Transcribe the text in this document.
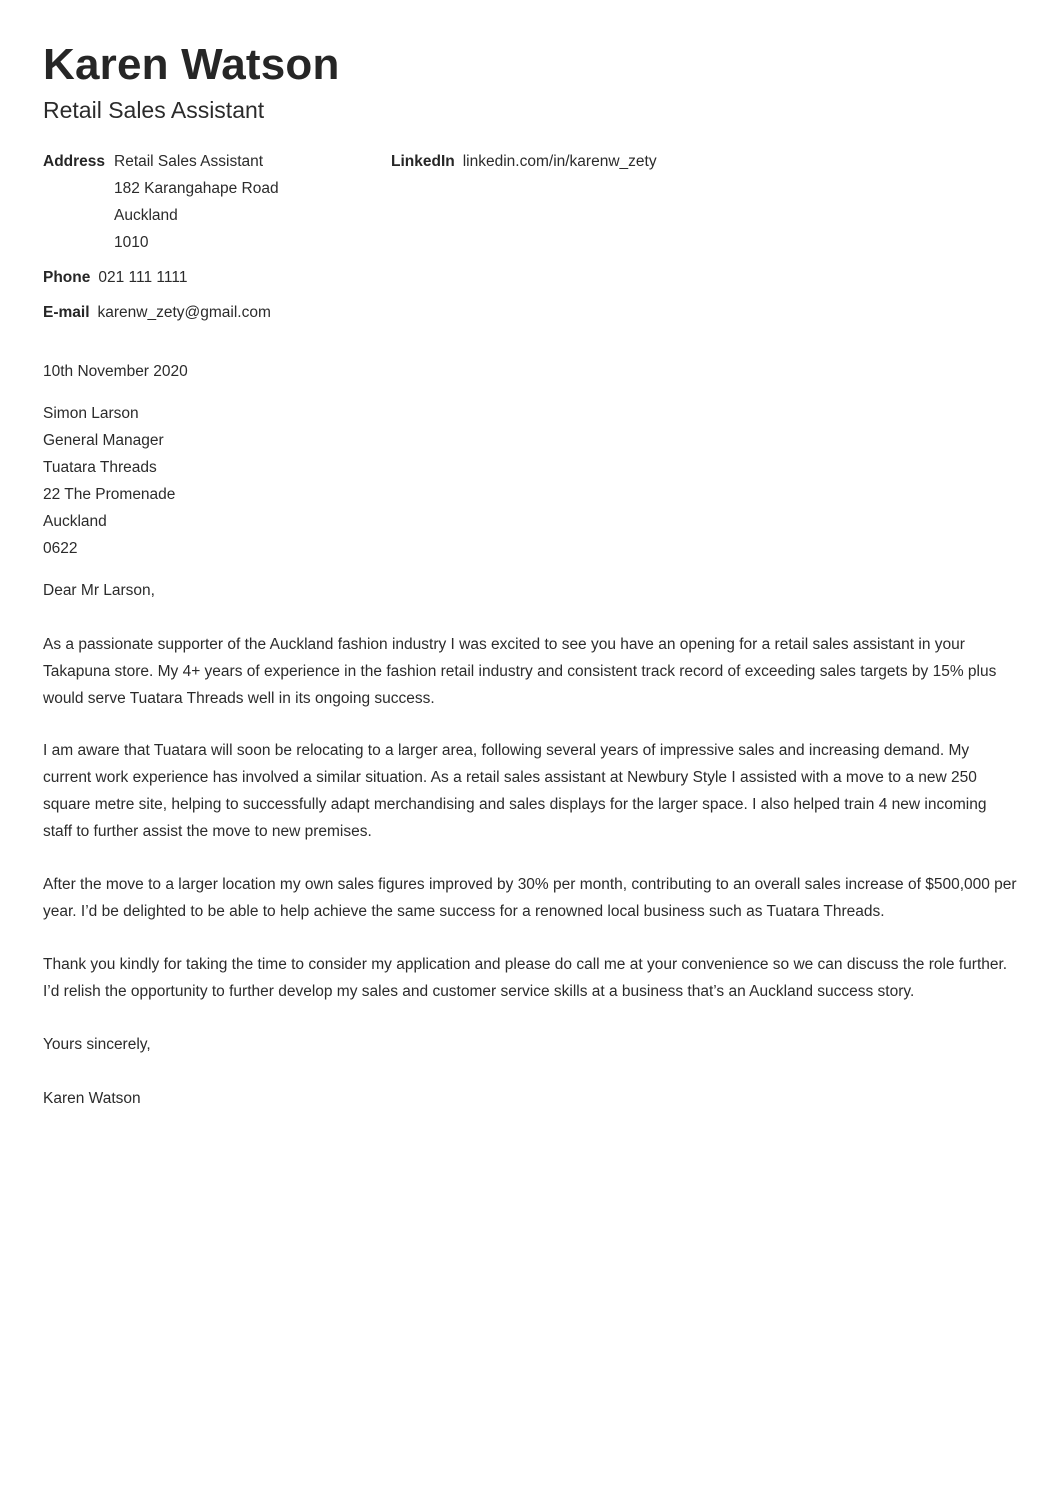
Karen Watson
Retail Sales Assistant
Address Retail Sales Assistant
182 Karangahape Road
Auckland
1010
LinkedIn linkedin.com/in/karenw_zety
Phone 021 111 1111
E-mail karenw_zety@gmail.com
10th November 2020
Simon Larson
General Manager
Tuatara Threads
22 The Promenade
Auckland
0622
Dear Mr Larson,

As a passionate supporter of the Auckland fashion industry I was excited to see you have an opening for a retail sales assistant in your Takapuna store. My 4+ years of experience in the fashion retail industry and consistent track record of exceeding sales targets by 15% plus would serve Tuatara Threads well in its ongoing success.

I am aware that Tuatara will soon be relocating to a larger area, following several years of impressive sales and increasing demand. My current work experience has involved a similar situation. As a retail sales assistant at Newbury Style I assisted with a move to a new 250 square metre site, helping to successfully adapt merchandising and sales displays for the larger space. I also helped train 4 new incoming staff to further assist the move to new premises.

After the move to a larger location my own sales figures improved by 30% per month, contributing to an overall sales increase of $500,000 per year. I’d be delighted to be able to help achieve the same success for a renowned local business such as Tuatara Threads.

Thank you kindly for taking the time to consider my application and please do call me at your convenience so we can discuss the role further. I’d relish the opportunity to further develop my sales and customer service skills at a business that’s an Auckland success story.

Yours sincerely,
Karen Watson
